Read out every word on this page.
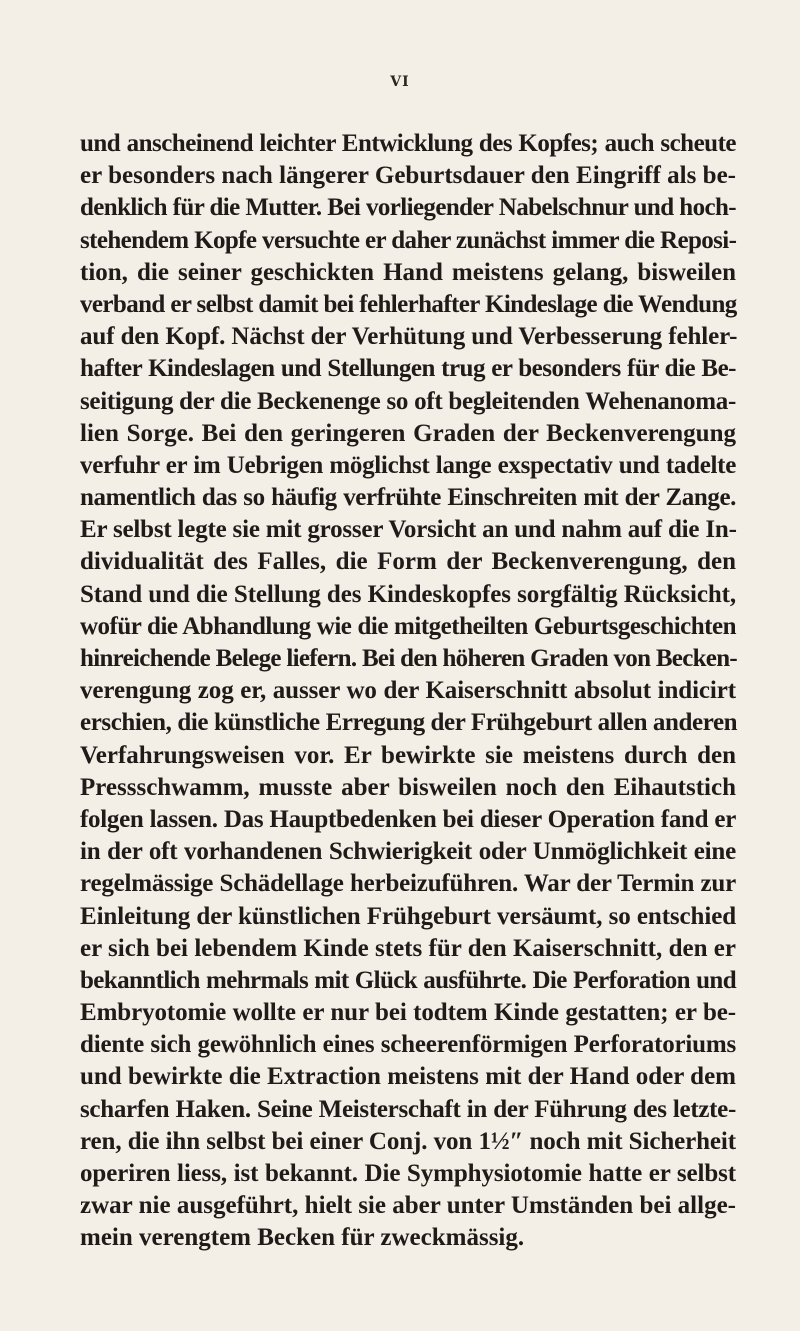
VI
und anscheinend leichter Entwicklung des Kopfes; auch scheute
er besonders nach längerer Geburtsdauer den Eingriff als be-
denklich für die Mutter. Bei vorliegender Nabelschnur und hoch-
stehendem Kopfe versuchte er daher zunächst immer die Reposi-
tion, die seiner geschickten Hand meistens gelang, bisweilen
verband er selbst damit bei fehlerhafter Kindeslage die Wendung
auf den Kopf. Nächst der Verhütung und Verbesserung fehler-
hafter Kindeslagen und Stellungen trug er besonders für die Be-
seitigung der die Beckenenge so oft begleitenden Wehenanoma-
lien Sorge. Bei den geringeren Graden der Beckenverengung
verfuhr er im Uebrigen möglichst lange exspectativ und tadelte
namentlich das so häufig verfrühte Einschreiten mit der Zange.
Er selbst legte sie mit grosser Vorsicht an und nahm auf die In-
dividualität des Falles, die Form der Beckenverengung, den
Stand und die Stellung des Kindeskopfes sorgfältig Rücksicht,
wofür die Abhandlung wie die mitgetheilten Geburtsgeschichten
hinreichende Belege liefern. Bei den höheren Graden von Becken-
verengung zog er, ausser wo der Kaiserschnitt absolut indicirt
erschien, die künstliche Erregung der Frühgeburt allen anderen
Verfahrungsweisen vor. Er bewirkte sie meistens durch den
Pressschwamm, musste aber bisweilen noch den Eihautstich
folgen lassen. Das Hauptbedenken bei dieser Operation fand er
in der oft vorhandenen Schwierigkeit oder Unmöglichkeit eine
regelmässige Schädellage herbeizuführen. War der Termin zur
Einleitung der künstlichen Frühgeburt versäumt, so entschied
er sich bei lebendem Kinde stets für den Kaiserschnitt, den er
bekanntlich mehrmals mit Glück ausführte. Die Perforation und
Embryotomie wollte er nur bei todtem Kinde gestatten; er be-
diente sich gewöhnlich eines scheerenförmigen Perforatoriums
und bewirkte die Extraction meistens mit der Hand oder dem
scharfen Haken. Seine Meisterschaft in der Führung des letzte-
ren, die ihn selbst bei einer Conj. von 1½″ noch mit Sicherheit
operiren liess, ist bekannt. Die Symphysiotomie hatte er selbst
zwar nie ausgeführt, hielt sie aber unter Umständen bei allge-
mein verengtem Becken für zweckmässig.
